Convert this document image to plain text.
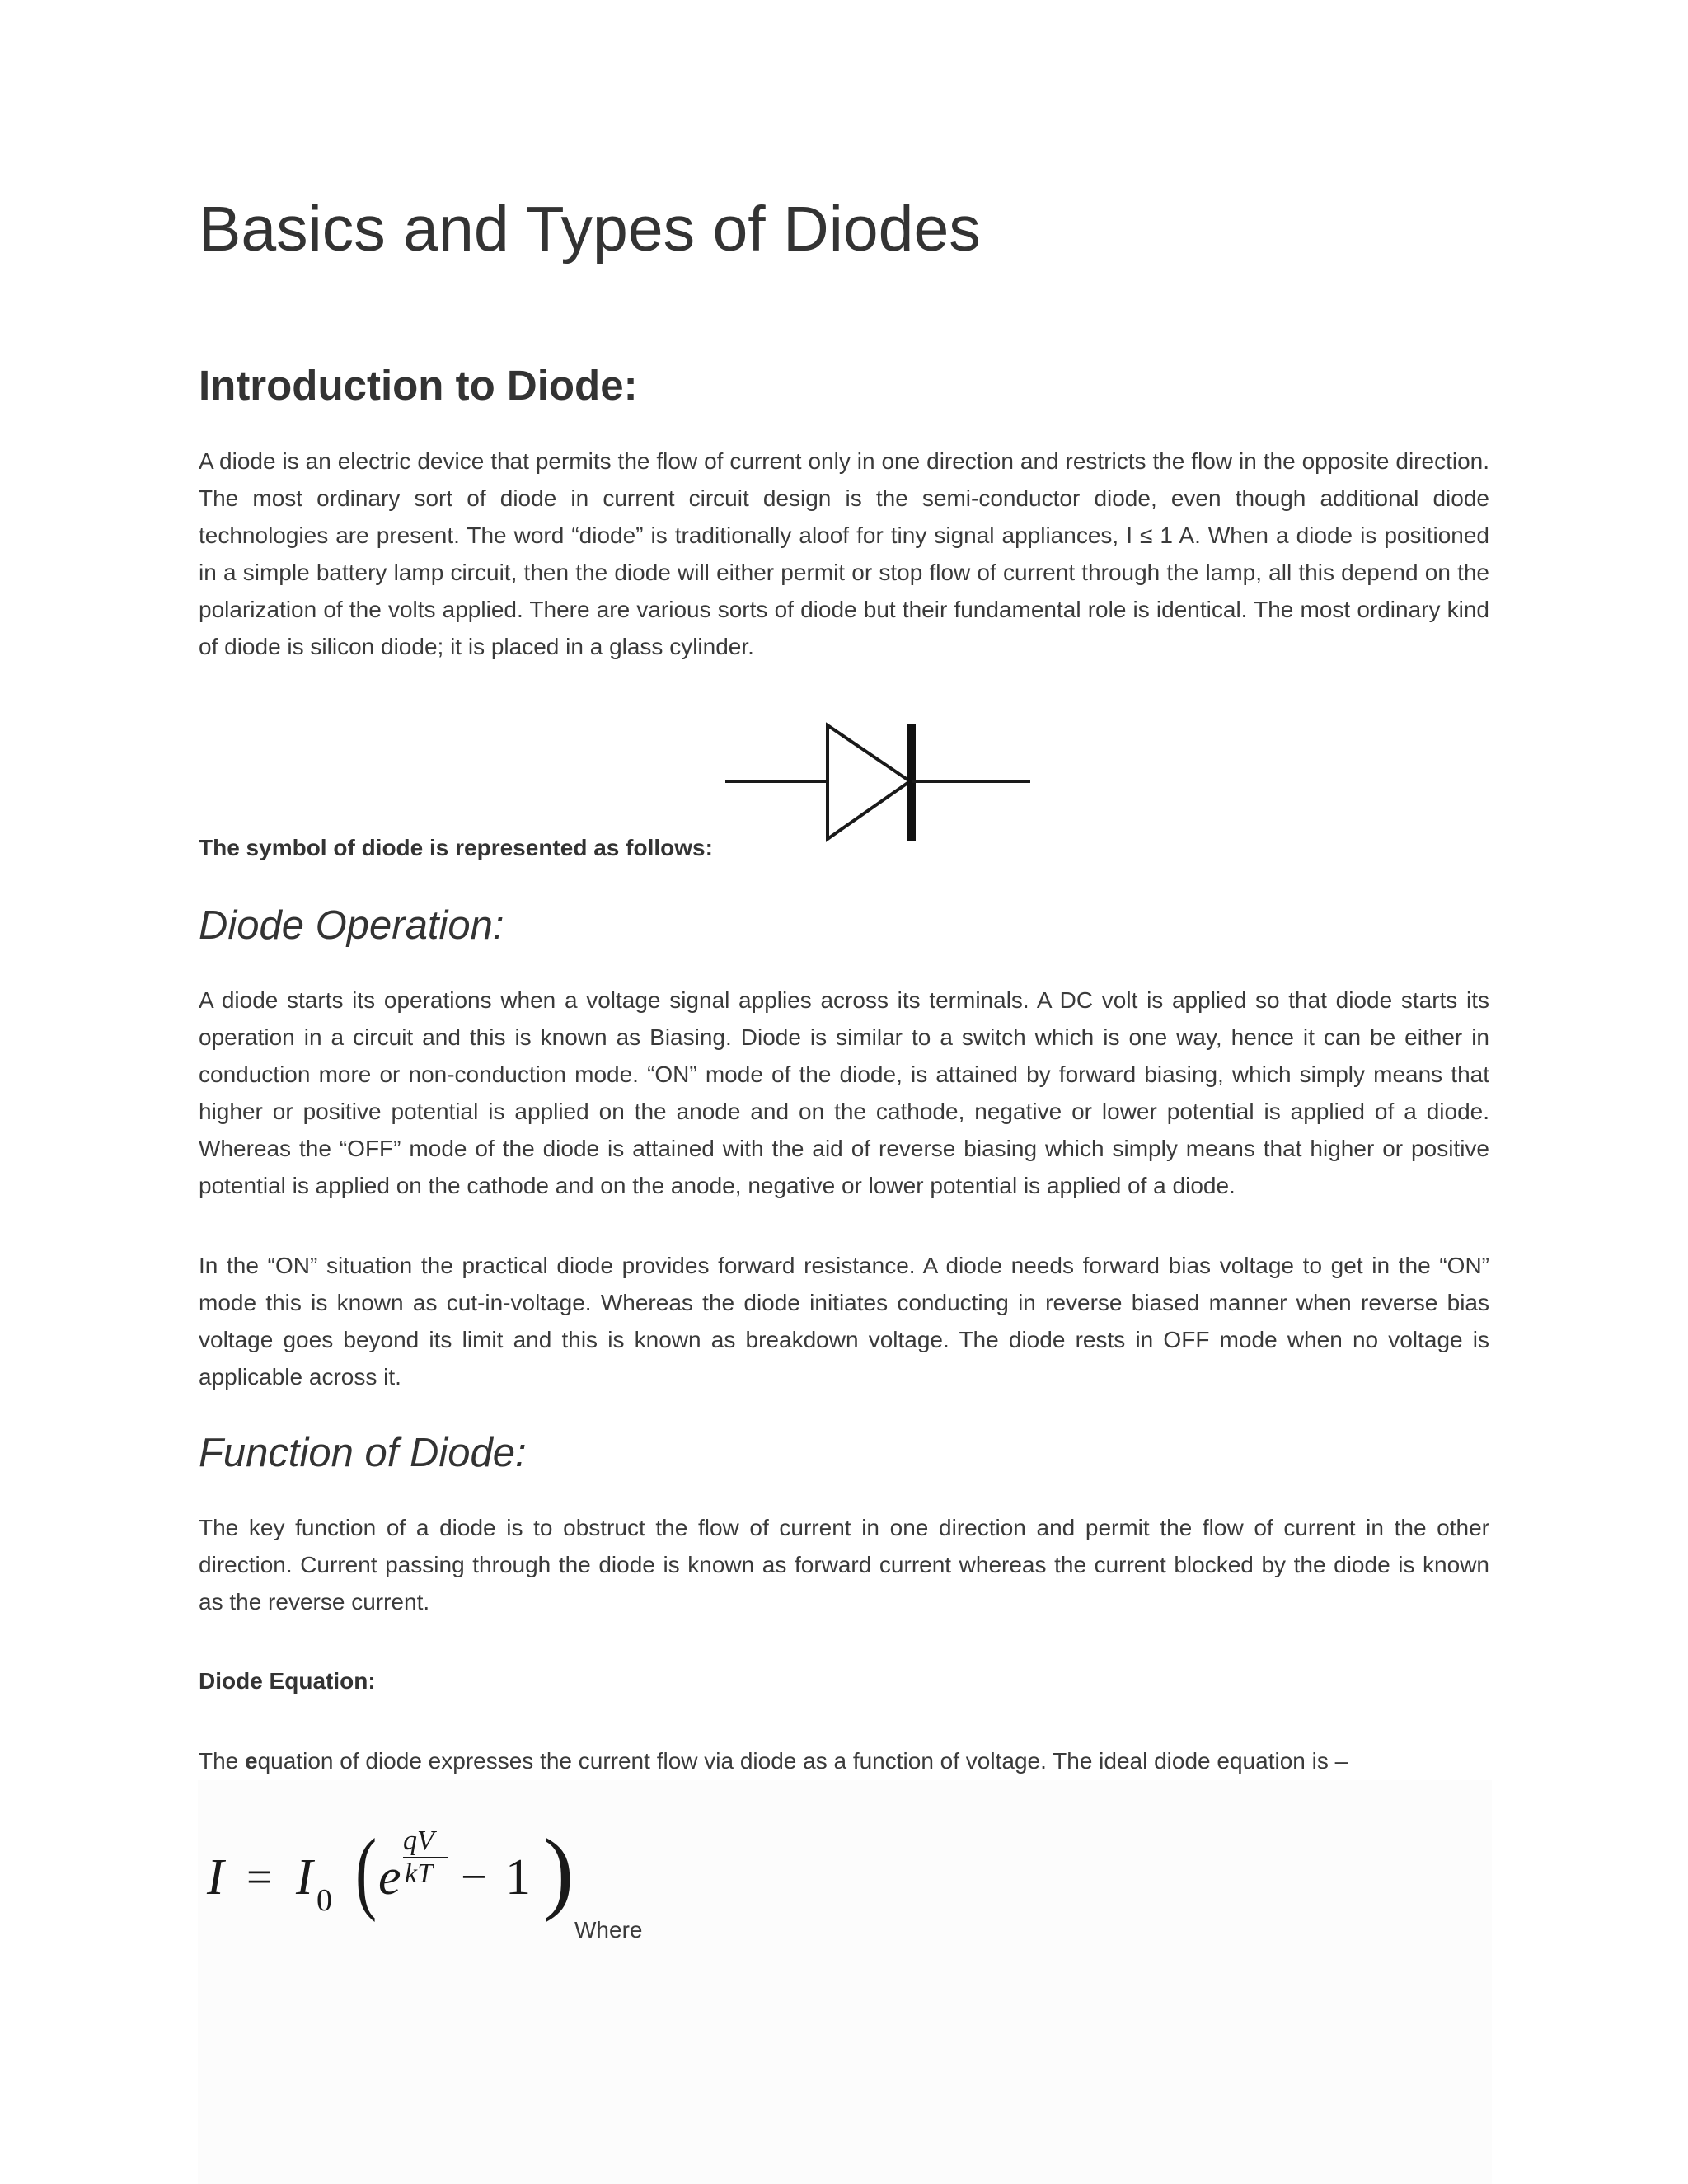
Basics and Types of Diodes
Introduction to Diode:

A diode is an electric device that permits the flow of current only in one direction and restricts the flow in the opposite direction. The most ordinary sort of diode in current circuit design is the semi-conductor diode, even though additional diode technologies are present. The word “diode” is traditionally aloof for tiny signal appliances, I ≤ 1 A. When a diode is positioned in a simple battery lamp circuit, then the diode will either permit or stop flow of current through the lamp, all this depend on the polarization of the volts applied. There are various sorts of diode but their fundamental role is identical. The most ordinary kind of diode is silicon diode; it is placed in a glass cylinder.

The symbol of diode is represented as follows:
Diode Operation:

A diode starts its operations when a voltage signal applies across its terminals. A DC volt is applied so that diode starts its operation in a circuit and this is known as Biasing. Diode is similar to a switch which is one way, hence it can be either in conduction more or non-conduction mode. “ON” mode of the diode, is attained by forward biasing, which simply means that higher or positive potential is applied on the anode and on the cathode, negative or lower potential is applied of a diode. Whereas the “OFF” mode of the diode is attained with the aid of reverse biasing which simply means that higher or positive potential is applied on the cathode and on the anode, negative or lower potential is applied of a diode.

In the “ON” situation the practical diode provides forward resistance. A diode needs forward bias voltage to get in the “ON” mode this is known as cut-in-voltage. Whereas the diode initiates conducting in reverse biased manner when reverse bias voltage goes beyond its limit and this is known as breakdown voltage. The diode rests in OFF mode when no voltage is applicable across it.

Function of Diode:

The key function of a diode is to obstruct the flow of current in one direction and permit the flow of current in the other direction. Current passing through the diode is known as forward current whereas the current blocked by the diode is known as the reverse current.

Diode Equation:
The equation of diode expresses the current flow via diode as a function of voltage. The ideal diode equation is –
I = I 0 ( e
qV
kT − 1 )
Where
